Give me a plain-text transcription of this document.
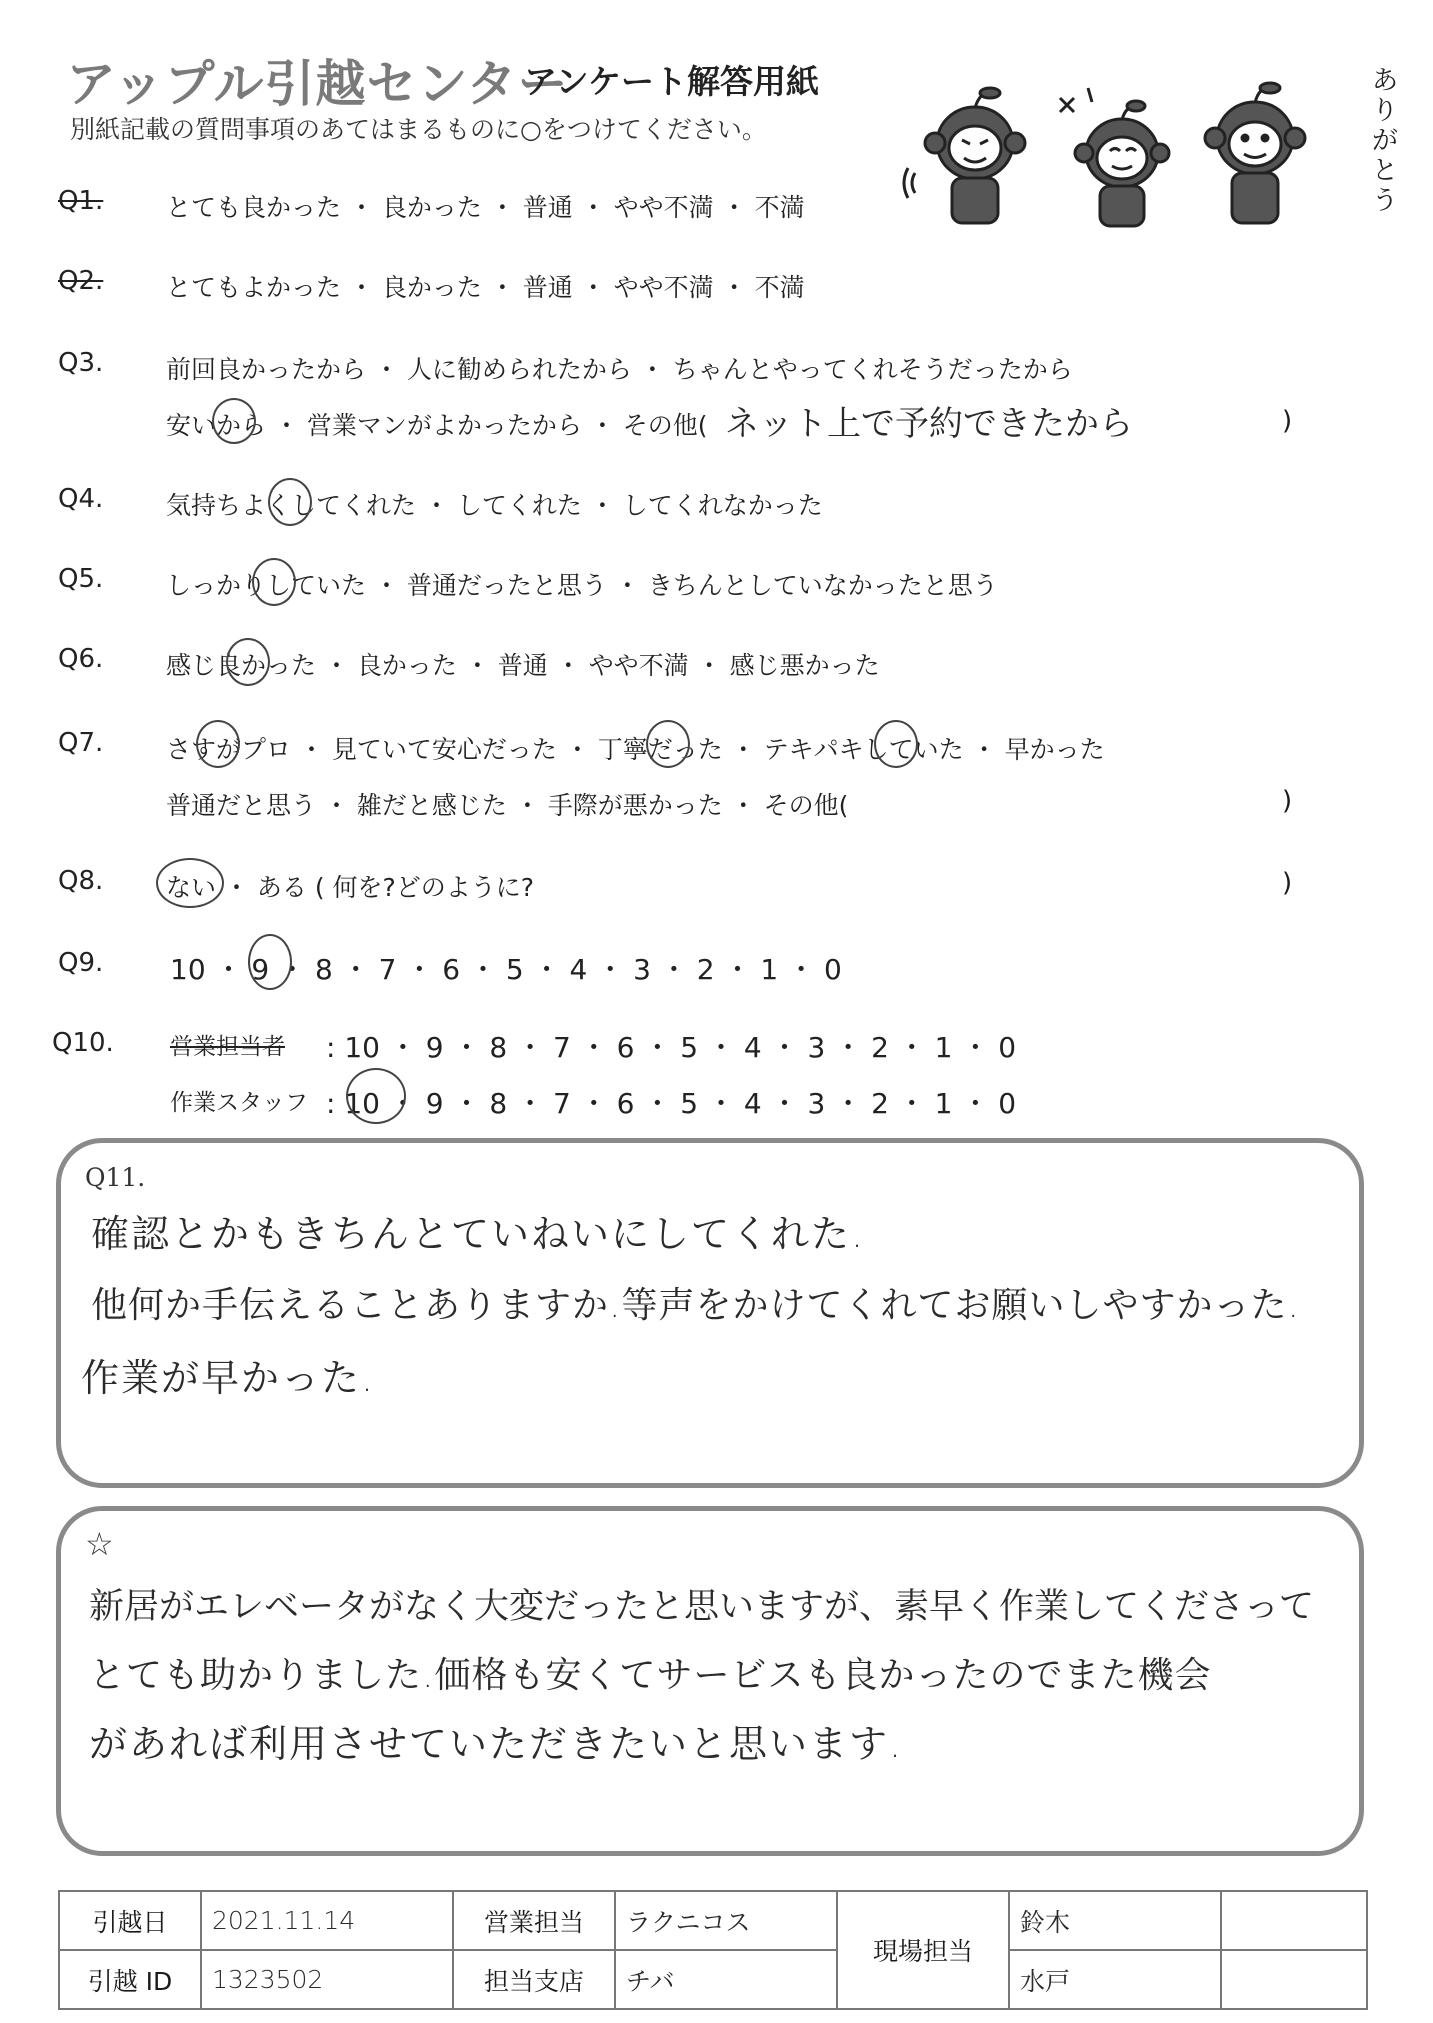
アップル引越センター
アンケート解答用紙
別紙記載の質問事項のあてはまるものに○をつけてください。
ありがとう
Q1.	とても良かった ・ 良かった ・ 普通 ・ やや不満 ・ 不満
Q2.	とてもよかった ・ 良かった ・ 普通 ・ やや不満 ・ 不満
Q3.	前回良かったから ・ 人に勧められたから ・ ちゃんとやってくれそうだったから
安いから ・ 営業マンがよかったから ・ その他( ネット上で予約できたから	)
Q4.	気持ちよくしてくれた ・ してくれた ・ してくれなかった
Q5.	しっかりしていた ・ 普通だったと思う ・ きちんとしていなかったと思う
Q6.	感じ良かった ・ 良かった ・ 普通 ・ やや不満 ・ 感じ悪かった
Q7.	さすがプロ ・ 見ていて安心だった ・ 丁寧だった ・ テキパキしていた ・ 早かった
普通だと思う ・ 雑だと感じた ・ 手際が悪かった ・ その他(	)
Q8.	ない ・ ある ( 何を?どのように?	)
Q9. 10 ・ 9 ・ 8 ・ 7 ・ 6 ・ 5 ・ 4 ・ 3 ・ 2 ・ 1 ・ 0
Q10. 営業担当者 : 10 ・ 9 ・ 8 ・ 7 ・ 6 ・ 5 ・ 4 ・ 3 ・ 2 ・ 1 ・ 0
作業スタッフ : 10 ・ 9 ・ 8 ・ 7 ・ 6 ・ 5 ・ 4 ・ 3 ・ 2 ・ 1 ・ 0
Q11.
確認とかもきちんとていねいにしてくれた.
他何か手伝えることありますか.等声をかけてくれてお願いしやすかった.
作業が早かった.
☆
新居がエレベータがなく大変だったと思いますが、素早く作業してくださって
とても助かりました.価格も安くてサービスも良かったのでまた機会
があれば利用させていただきたいと思います.
引越日	2021.11.14	営業担当	ラクニコス	現場担当	鈴木	
引越 ID	1323502	担当支店	チバ		水戸	
